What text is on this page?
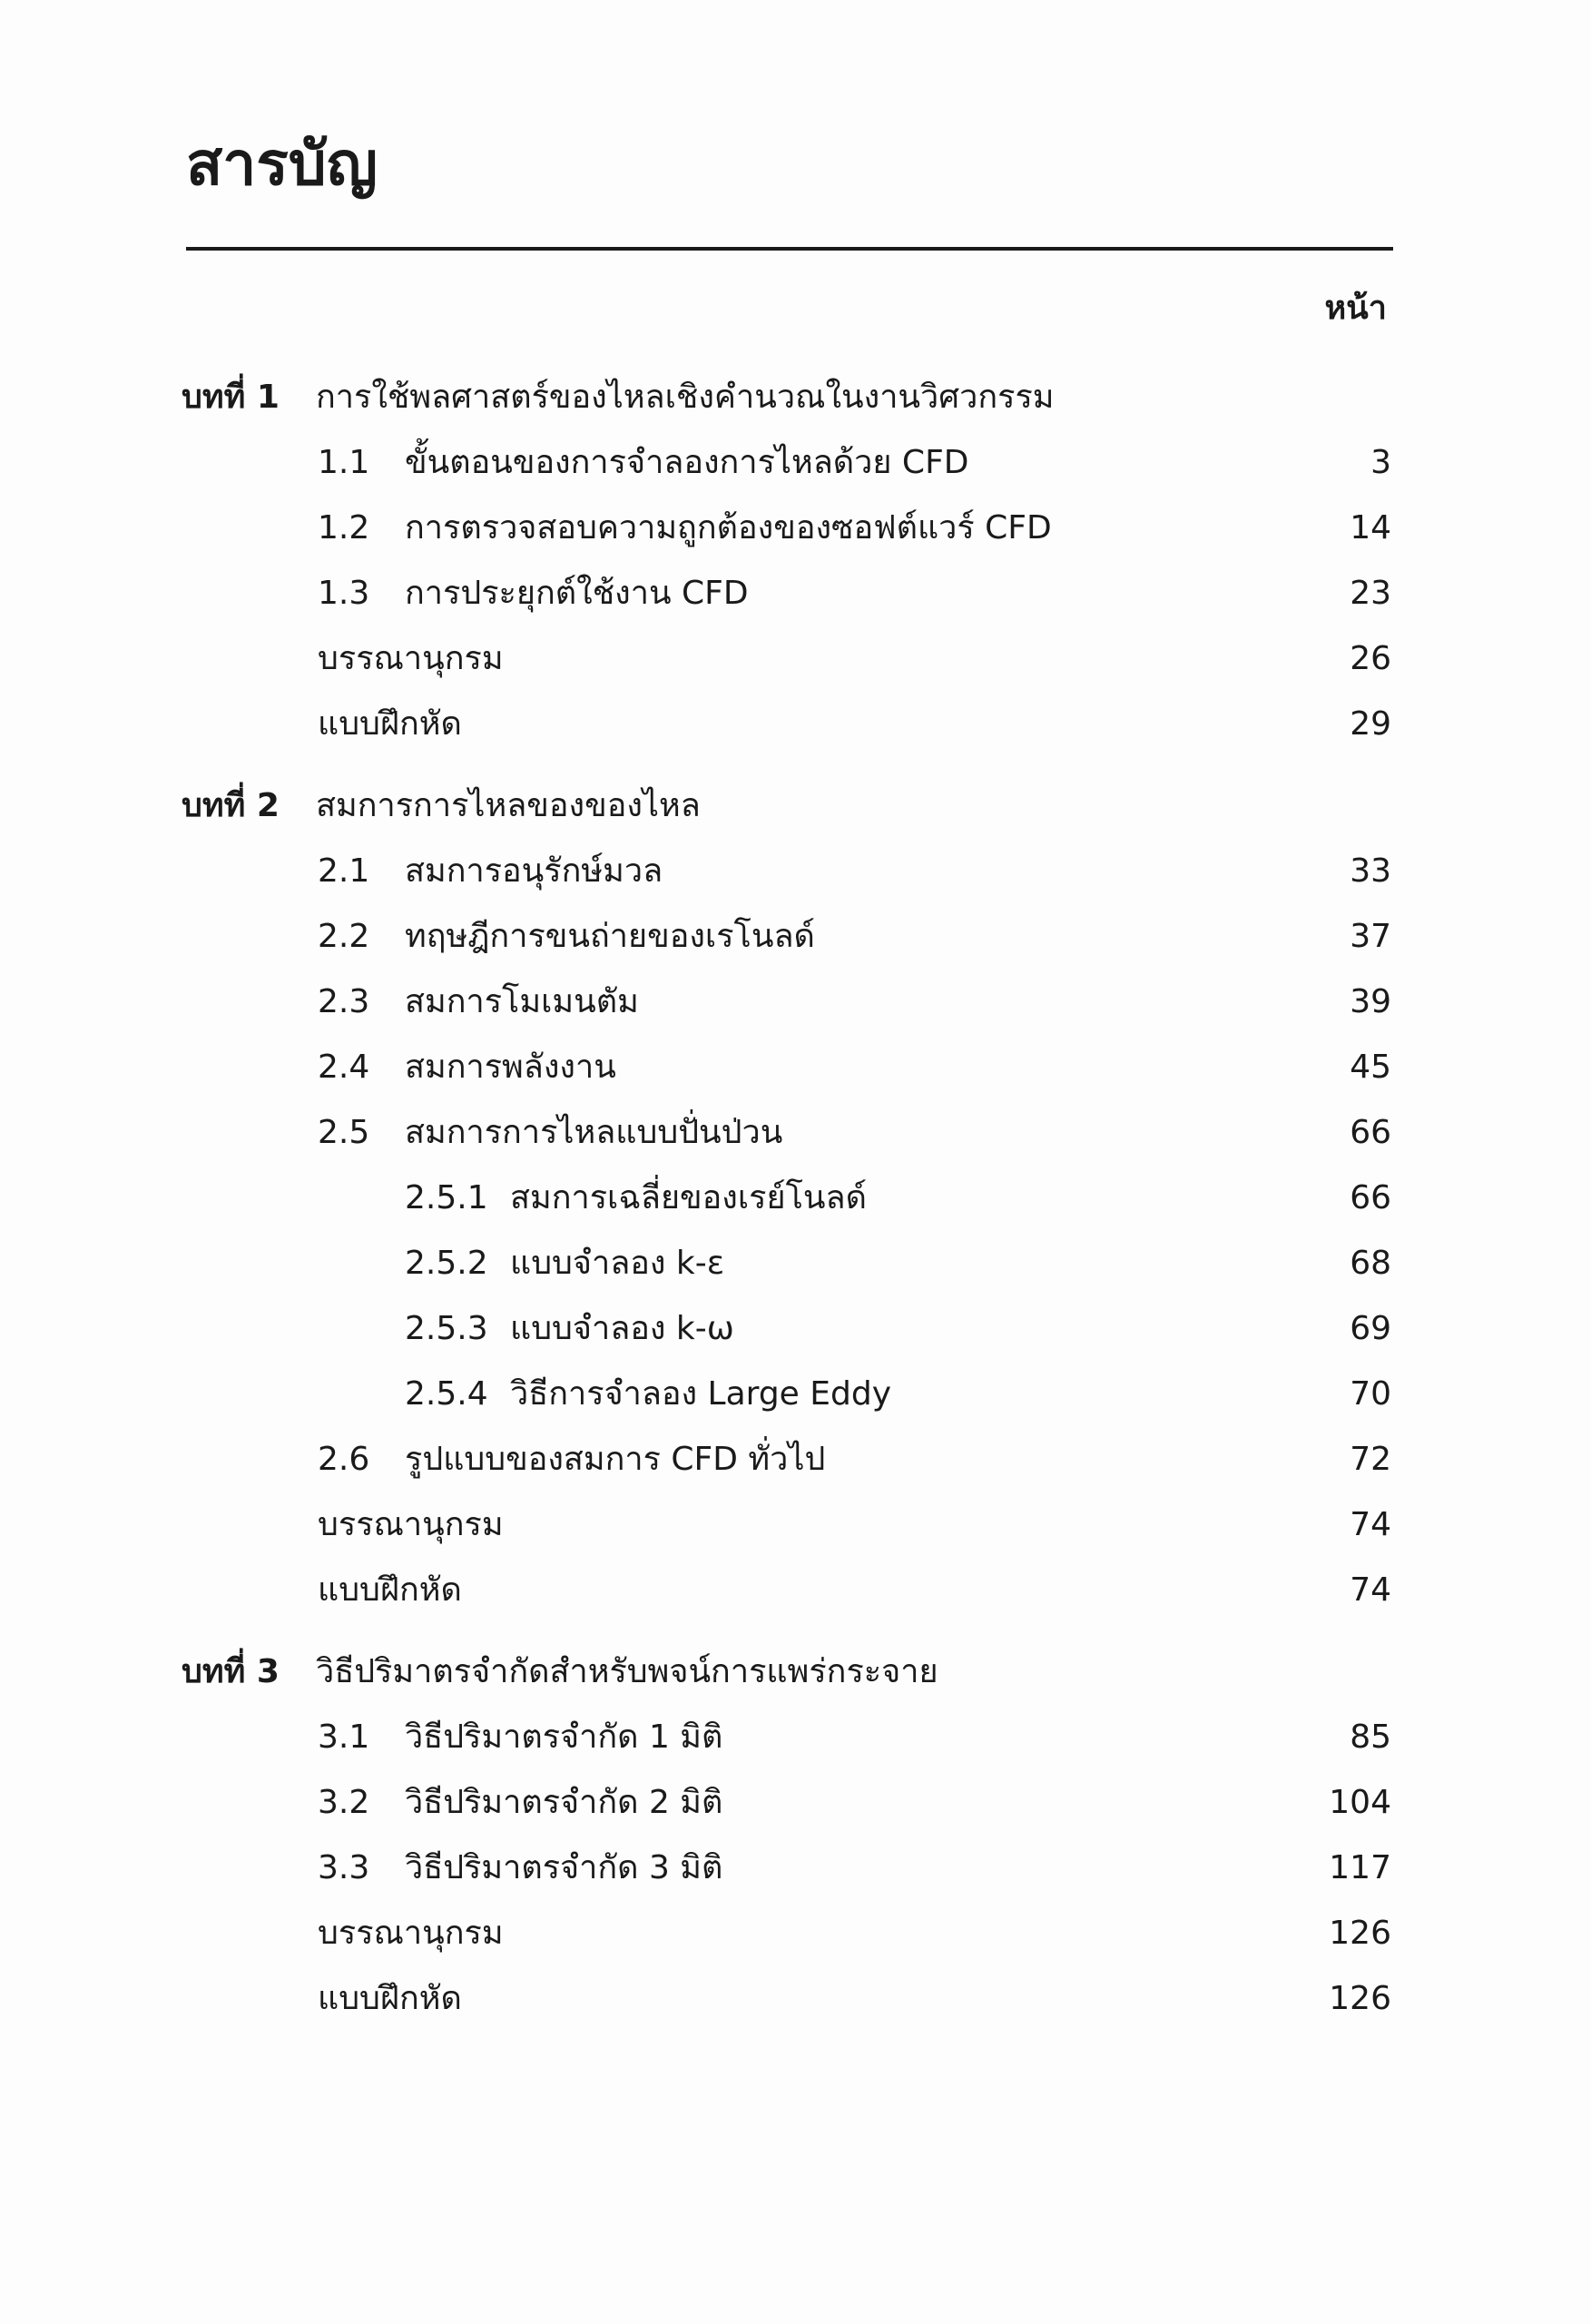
สารบัญ
หน้า
บทที่ 1 การใช้พลศาสตร์ของไหลเชิงคำนวณในงานวิศวกรรม
1.1 ขั้นตอนของการจำลองการไหลด้วย CFD	3
1.2 การตรวจสอบความถูกต้องของซอฟต์แวร์ CFD	14
1.3 การประยุกต์ใช้งาน CFD	23
บรรณานุกรม	26
แบบฝึกหัด	29
บทที่ 2 สมการการไหลของของไหล
2.1 สมการอนุรักษ์มวล	33
2.2 ทฤษฎีการขนถ่ายของเรโนลด์	37
2.3 สมการโมเมนตัม	39
2.4 สมการพลังงาน	45
2.5 สมการการไหลแบบปั่นป่วน	66
2.5.1 สมการเฉลี่ยของเรย์โนลด์	66
2.5.2 แบบจำลอง k-ε	68
2.5.3 แบบจำลอง k-ω	69
2.5.4 วิธีการจำลอง Large Eddy	70
2.6 รูปแบบของสมการ CFD ทั่วไป	72
บรรณานุกรม	74
แบบฝึกหัด	74
บทที่ 3 วิธีปริมาตรจำกัดสำหรับพจน์การแพร่กระจาย
3.1 วิธีปริมาตรจำกัด 1 มิติ	85
3.2 วิธีปริมาตรจำกัด 2 มิติ	104
3.3 วิธีปริมาตรจำกัด 3 มิติ	117
บรรณานุกรม	126
แบบฝึกหัด	126
